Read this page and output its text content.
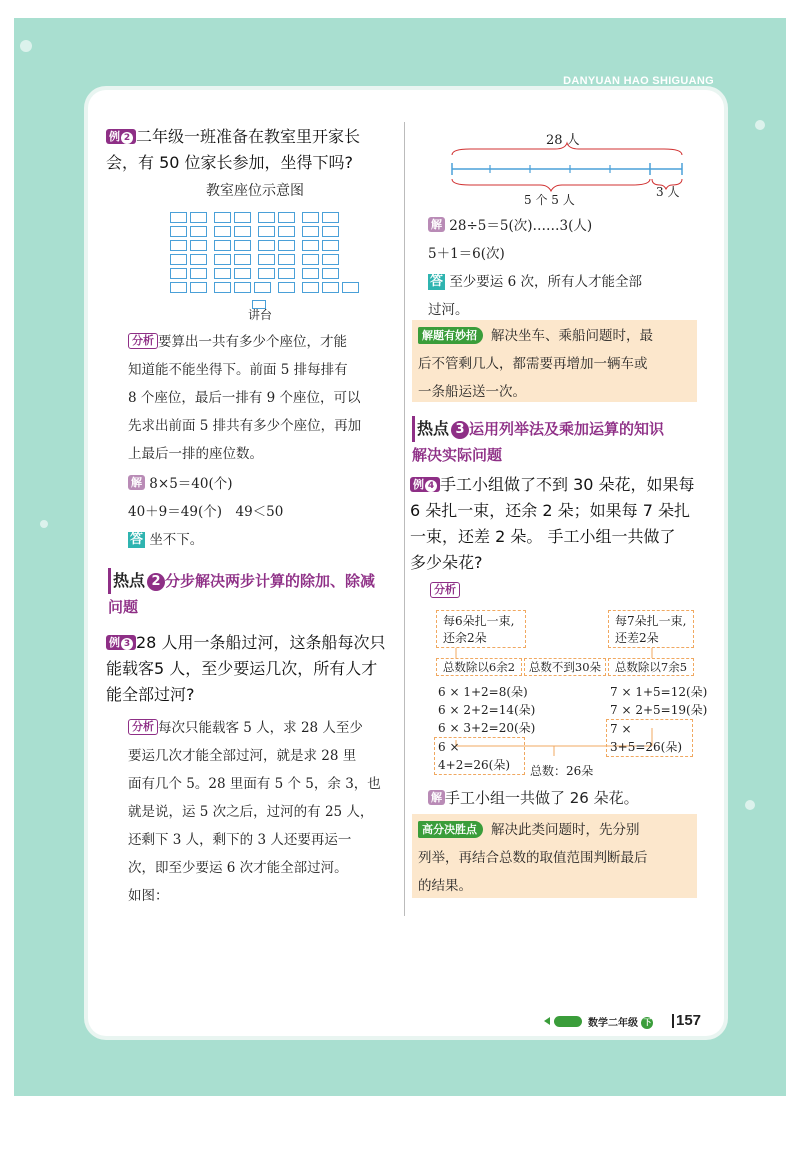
DANYUAN HAO SHIGUANG
例 2 二年级一班准备在教室里开家长
会，有 50 位家长参加，坐得下吗?
教室座位示意图
讲台
分析 要算出一共有多少个座位，才能
知道能不能坐得下。前面 5 排每排有
8 个座位，最后一排有 9 个座位，可以
先求出前面 5 排共有多少个座位，再加
上最后一排的座位数。
解 8×5＝40(个)
40＋9＝49(个)　49＜50
答 坐不下。
热点 2 分步解决两步计算的除加、除减
问题
例 3 28 人用一条船过河，这条船每次只
能载客5 人，至少要运几次，所有人才
能全部过河?
分析 每次只能载客 5 人，求 28 人至少
要运几次才能全部过河，就是求 28 里
面有几个 5。28 里面有 5 个 5，余 3，也
就是说，运 5 次之后，过河的有 25 人，
还剩下 3 人，剩下的 3 人还要再运一
次，即至少要运 6 次才能全部过河。
如图：
28 人
5 个 5 人
3 人
解 28÷5＝5(次)……3(人)
5＋1＝6(次)
答 至少要运 6 次，所有人才能全部
过河。
解题有妙招 解决坐车、乘船问题时，最
后不管剩几人，都需要再增加一辆车或
一条船运送一次。
热点 3 运用列举法及乘加运算的知识
解决实际问题
例 4 手工小组做了不到 30 朵花，如果每
6 朵扎一束，还余 2 朵；如果每 7 朵扎
一束，还差 2 朵。 手工小组一共做了
多少朵花?
分析
每6朵扎一束,
还余2朵
每7朵扎一束,
还差2朵
总数除以6余2	总数不到30朵	总数除以7余5
6 × 1+2=8(朵)
6 × 2+2=14(朵)
6 × 3+2=20(朵)
6 × 4+2=26(朵)
7 × 1+5=12(朵)
7 × 2+5=19(朵)
7 × 3+5=26(朵)
总数：26朵
解 手工小组一共做了 26 朵花。
高分决胜点 解决此类问题时，先分别
列举，再结合总数的取值范围判断最后
的结果。
数学二年级 下 157
